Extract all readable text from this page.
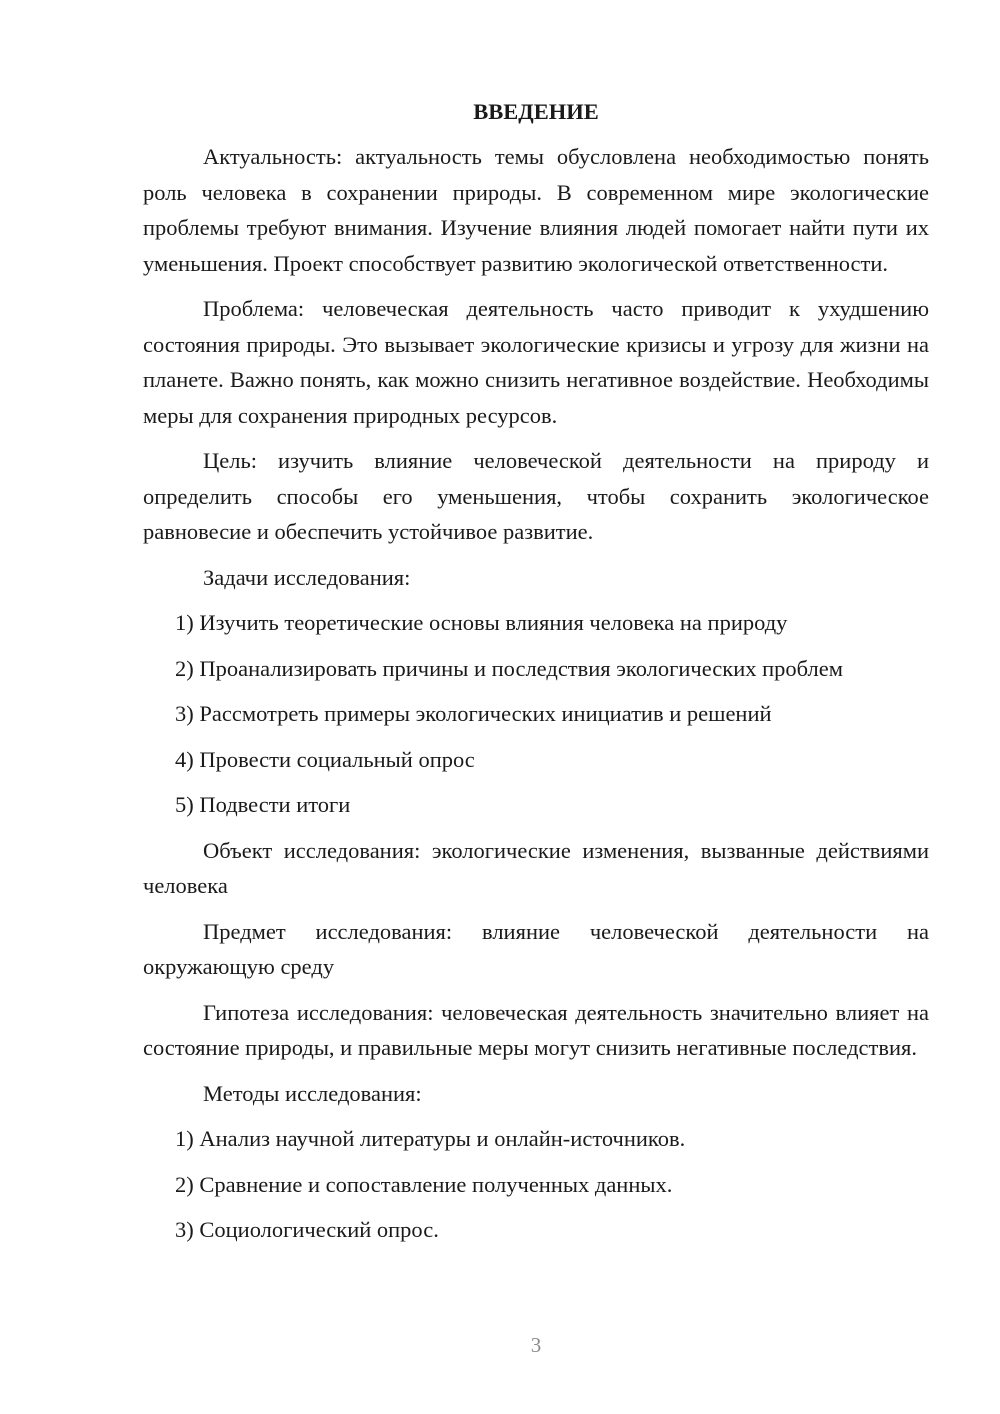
ВВЕДЕНИЕ

Актуальность: актуальность темы обусловлена необходимостью понять роль человека в сохранении природы. В современном мире экологические проблемы требуют внимания. Изучение влияния людей помогает найти пути их уменьшения. Проект способствует развитию экологической ответственности.

Проблема: человеческая деятельность часто приводит к ухудшению состояния природы. Это вызывает экологические кризисы и угрозу для жизни на планете. Важно понять, как можно снизить негативное воздействие. Необходимы меры для сохранения природных ресурсов.

Цель: изучить влияние человеческой деятельности на природу и определить способы его уменьшения, чтобы сохранить экологическое равновесие и обеспечить устойчивое развитие.

Задачи исследования:

1) Изучить теоретические основы влияния человека на природу
2) Проанализировать причины и последствия экологических проблем
3) Рассмотреть примеры экологических инициатив и решений
4) Провести социальный опрос
5) Подвести итоги

Объект исследования: экологические изменения, вызванные действиями человека

Предмет исследования: влияние человеческой деятельности на окружающую среду

Гипотеза исследования: человеческая деятельность значительно влияет на состояние природы, и правильные меры могут снизить негативные последствия.

Методы исследования:

1) Анализ научной литературы и онлайн-источников.
2) Сравнение и сопоставление полученных данных.
3) Социологический опрос.
3
